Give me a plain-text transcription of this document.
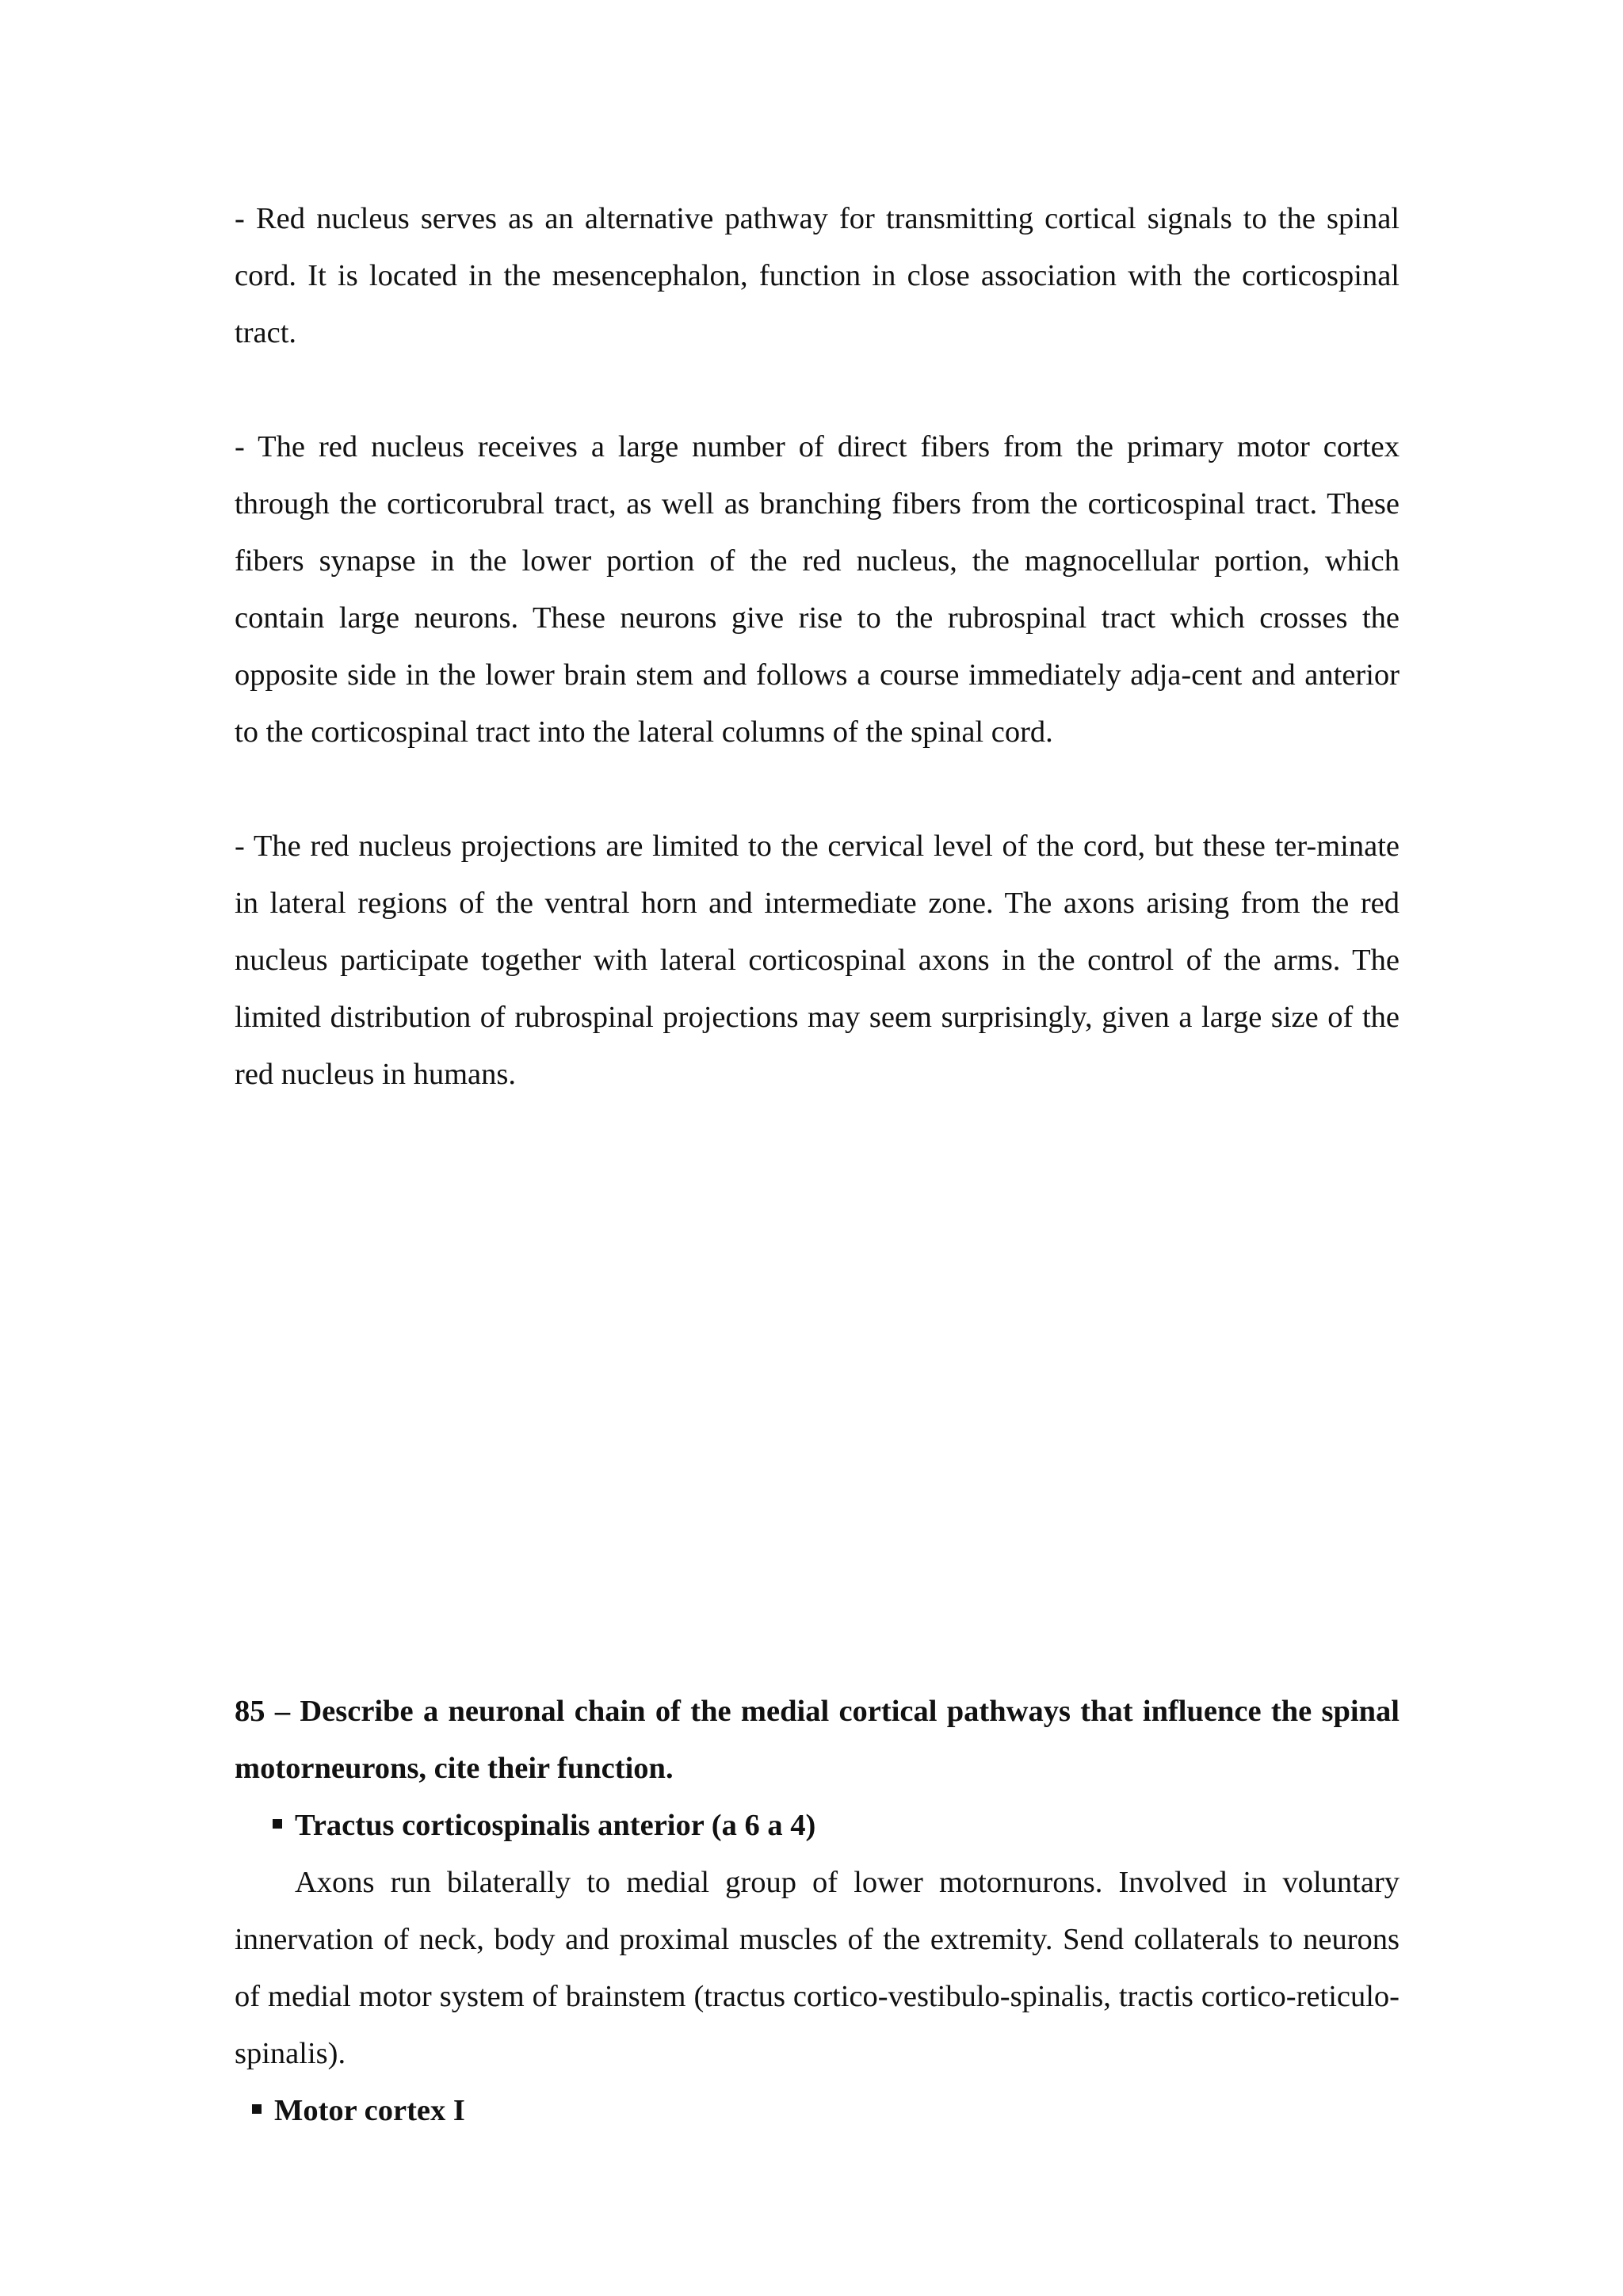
- Red nucleus serves as an alternative pathway for transmitting cortical signals to the spinal cord. It is located in the mesencephalon, function in close association with the corticospinal tract.

- The red nucleus receives a large number of direct fibers from the primary motor cortex through the corticorubral tract, as well as branching fibers from the corticospinal tract. These fibers synapse in the lower portion of the red nucleus, the magnocellular portion, which contain large neurons. These neurons give rise to the rubrospinal tract which crosses the opposite side in the lower brain stem and follows a course immediately adja-cent and anterior to the corticospinal tract into the lateral columns of the spinal cord.

- The red nucleus projections are limited to the cervical level of the cord, but these ter-minate in lateral regions of the ventral horn and intermediate zone. The axons arising from the red nucleus participate together with lateral corticospinal axons in the control of the arms. The limited distribution of rubrospinal projections may seem surprisingly, given a large size of the red nucleus in humans.

85 – Describe a neuronal chain of the medial cortical pathways that influence the spinal motorneurons, cite their function.

Tractus corticospinalis anterior (a 6 a 4)

Axons run bilaterally to medial group of lower motornurons. Involved in voluntary innervation of neck, body and proximal muscles of the extremity. Send collaterals to neurons of medial motor system of brainstem (tractus cortico-vestibulo-spinalis, tractis cortico-reticulo-spinalis).

Motor cortex I
